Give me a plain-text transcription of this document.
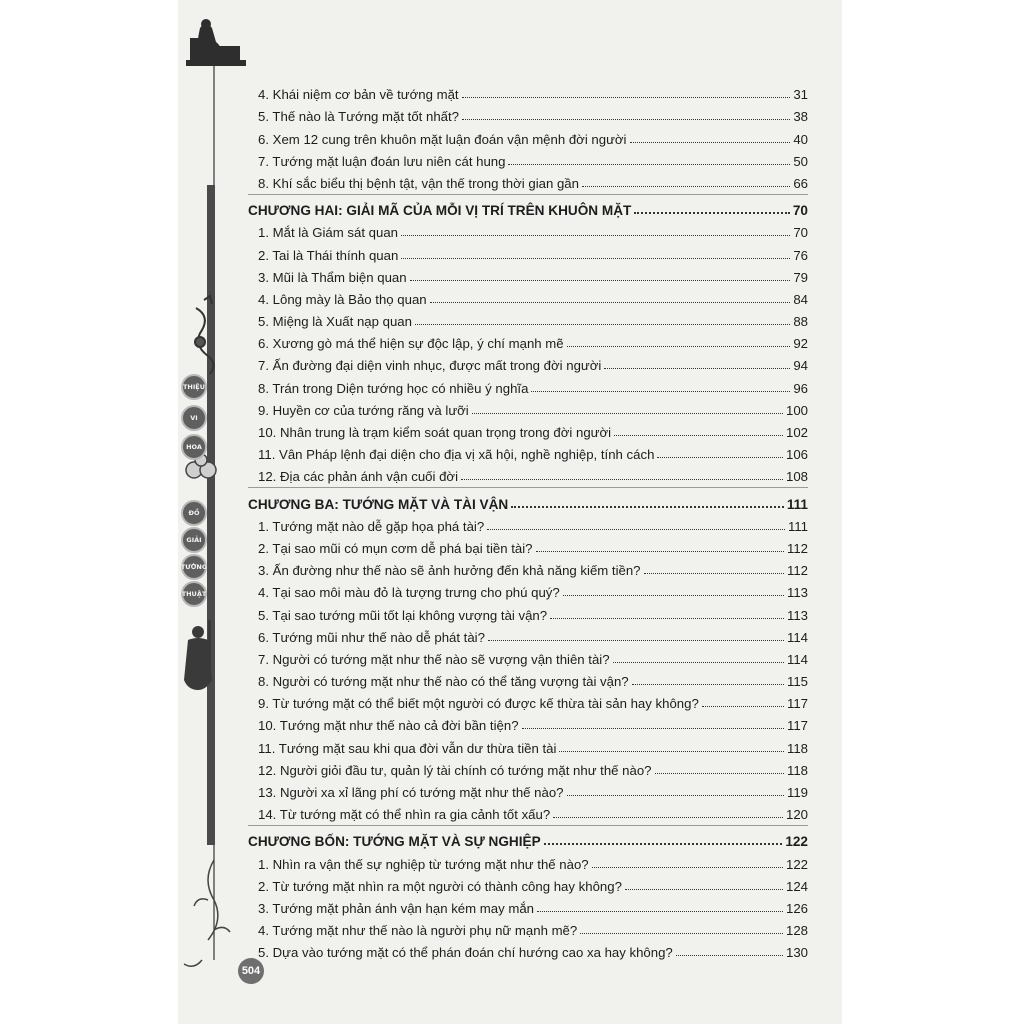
THIỆU
VI
HOA
ĐỒ
GIẢI
TƯỚNG
THUẬT
4. Khái niệm cơ bản về tướng mặt	31
5. Thế nào là Tướng mặt tốt nhất?	38
6. Xem 12 cung trên khuôn mặt luận đoán vận mệnh đời người	40
7. Tướng mặt luận đoán lưu niên cát hung	50
8. Khí sắc biểu thị bệnh tật, vận thế trong thời gian gần	66
CHƯƠNG HAI: GIẢI MÃ CỦA MỖI VỊ TRÍ TRÊN KHUÔN MẶT	70
1. Mắt là Giám sát quan	70
2. Tai là Thái thính quan	76
3. Mũi là Thẩm biện quan	79
4. Lông mày là Bảo thọ quan	84
5. Miệng là Xuất nạp quan	88
6. Xương gò má thể hiện sự độc lập, ý chí mạnh mẽ	92
7. Ấn đường đại diện vinh nhục, được mất trong đời người	94
8. Trán trong Diện tướng học có nhiều ý nghĩa	96
9. Huyền cơ của tướng răng và lưỡi	100
10. Nhân trung là trạm kiểm soát quan trọng trong đời người	102
11. Vân Pháp lệnh đại diện cho địa vị xã hội, nghề nghiệp, tính cách	106
12. Địa các phản ánh vận cuối đời	108
CHƯƠNG BA: TƯỚNG MẶT VÀ TÀI VẬN	111
1. Tướng mặt nào dễ gặp họa phá tài?	111
2. Tại sao mũi có mụn cơm dễ phá bại tiền tài?	112
3. Ấn đường như thế nào sẽ ảnh hưởng đến khả năng kiếm tiền?	112
4. Tại sao môi màu đỏ là tượng trưng cho phú quý?	113
5. Tại sao tướng mũi tốt lại không vượng tài vận?	113
6. Tướng mũi như thế nào dễ phát tài?	114
7. Người có tướng mặt như thế nào sẽ vượng vận thiên tài?	114
8. Người có tướng mặt như thế nào có thể tăng vượng tài vận?	115
9. Từ tướng mặt có thể biết một người có được kế thừa tài sản hay không?	117
10. Tướng mặt như thế nào cả đời bần tiện?	117
11. Tướng mặt sau khi qua đời vẫn dư thừa tiền tài	118
12. Người giỏi đầu tư, quản lý tài chính có tướng mặt như thế nào?	118
13. Người xa xỉ lãng phí có tướng mặt như thế nào?	119
14. Từ tướng mặt có thể nhìn ra gia cảnh tốt xấu?	120
CHƯƠNG BỐN: TƯỚNG MẶT VÀ SỰ NGHIỆP	122
1. Nhìn ra vận thế sự nghiệp từ tướng mặt như thế nào?	122
2. Từ tướng mặt nhìn ra một người có thành công hay không?	124
3. Tướng mặt phản ánh vận hạn kém may mắn	126
4. Tướng mặt như thế nào là người phụ nữ mạnh mẽ?	128
5. Dựa vào tướng mặt có thể phán đoán chí hướng cao xa hay không?	130
504
